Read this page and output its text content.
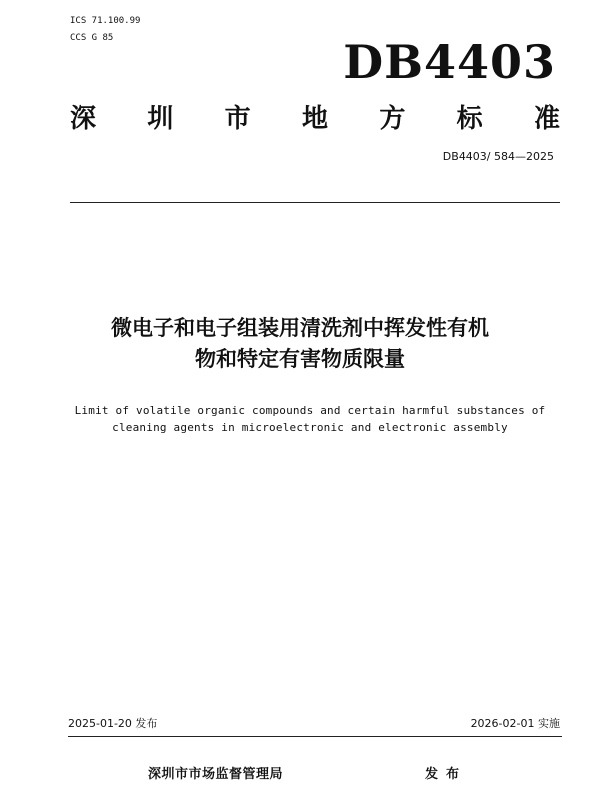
ICS 71.100.99
CCS G 85	DB4403
深 圳 市 地 方 标 准
DB4403/ 584—2025
微电子和电子组装用清洗剂中挥发性有机
物和特定有害物质限量
Limit of volatile organic compounds and certain harmful substances of
cleaning agents in microelectronic and electronic assembly
2025-01-20 发布	2026-02-01 实施
深圳市市场监督管理局	发布
